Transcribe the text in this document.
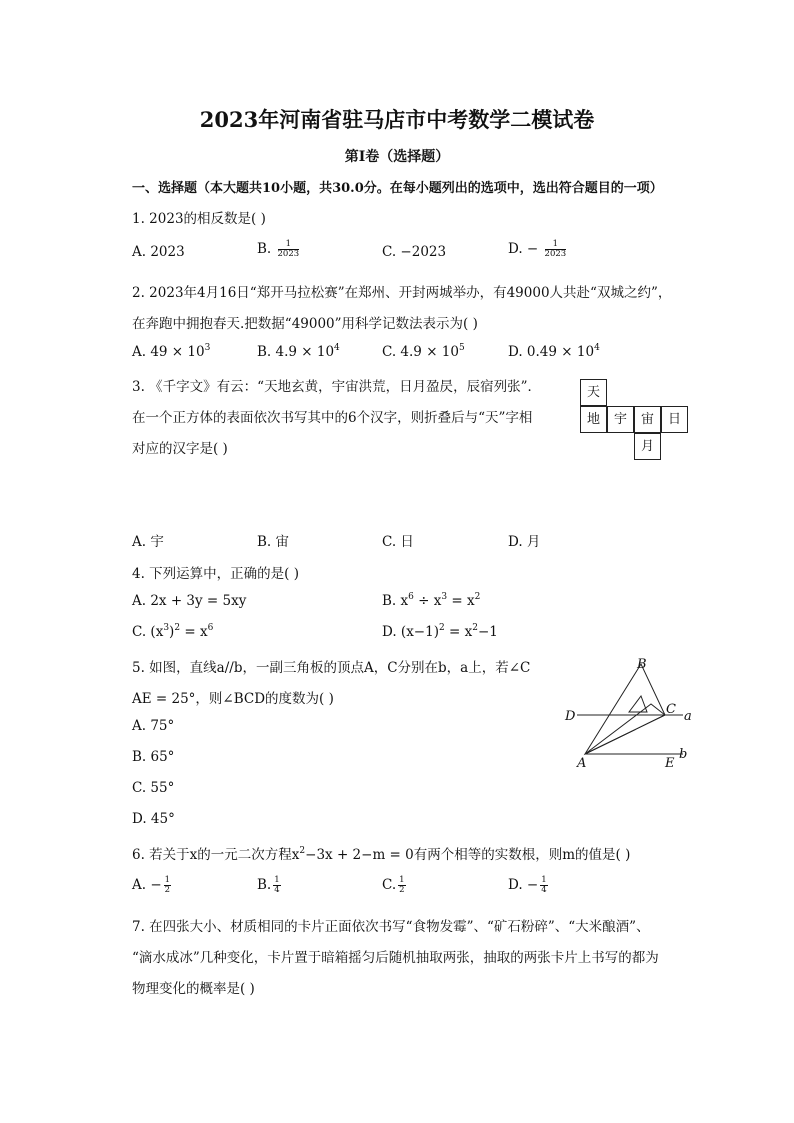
2023年河南省驻马店市中考数学二模试卷
第Ⅰ卷（选择题）
一、选择题（本大题共10小题，共30.0分。在每小题列出的选项中，选出符合题目的一项）
1. 2023的相反数是( )
A. 2023	B. $\frac{1}{2023}$	C. −2023	D. − $\frac{1}{2023}$
2. 2023年4月16日“郑开马拉松赛”在郑州、开封两城举办，有49000人共赴“双城之约”，
在奔跑中拥抱春天.把数据“49000”用科学记数法表示为( )
A. $49 \times 10^3$	B. $4.9 \times 10^4$	C. $4.9 \times 10^5$	D. $0.49 \times 10^4$
3. 《千字文》有云：“天地玄黄，宇宙洪荒，日月盈昃，辰宿列张”．
在一个正方体的表面依次书写其中的6个汉字，则折叠后与“天”字相
对应的汉字是( )
天
地	宇	宙	日
月
A. 宇	B. 宙	C. 日	D. 月
4. 下列运算中，正确的是( )
A. 2x + 3y = 5xy	B. $x^6 \div x^3 = x^2$
C. $(x^3)^2 = x^6$	D. $(x-1)^2 = x^2-1$
5. 如图，直线a//b，一副三角板的顶点A，C分别在b，a上，若∠C
AE = 25°，则∠BCD的度数为( )
A. 75°
B. 65°
C. 55°
D. 45°
B
C
D	a
A	E
b
6. 若关于x的一元二次方程$x^2-3x + 2-m = 0$有两个相等的实数根，则m的值是( )
A. − $\frac{1}{2}$	B. $\frac{1}{4}$	C. $\frac{1}{2}$	D. − $\frac{1}{4}$
7. 在四张大小、材质相同的卡片正面依次书写“食物发霉”、“矿石粉碎”、“大米酿酒”、
“滴水成冰”几种变化，卡片置于暗箱摇匀后随机抽取两张，抽取的两张卡片上书写的都为
物理变化的概率是( )
